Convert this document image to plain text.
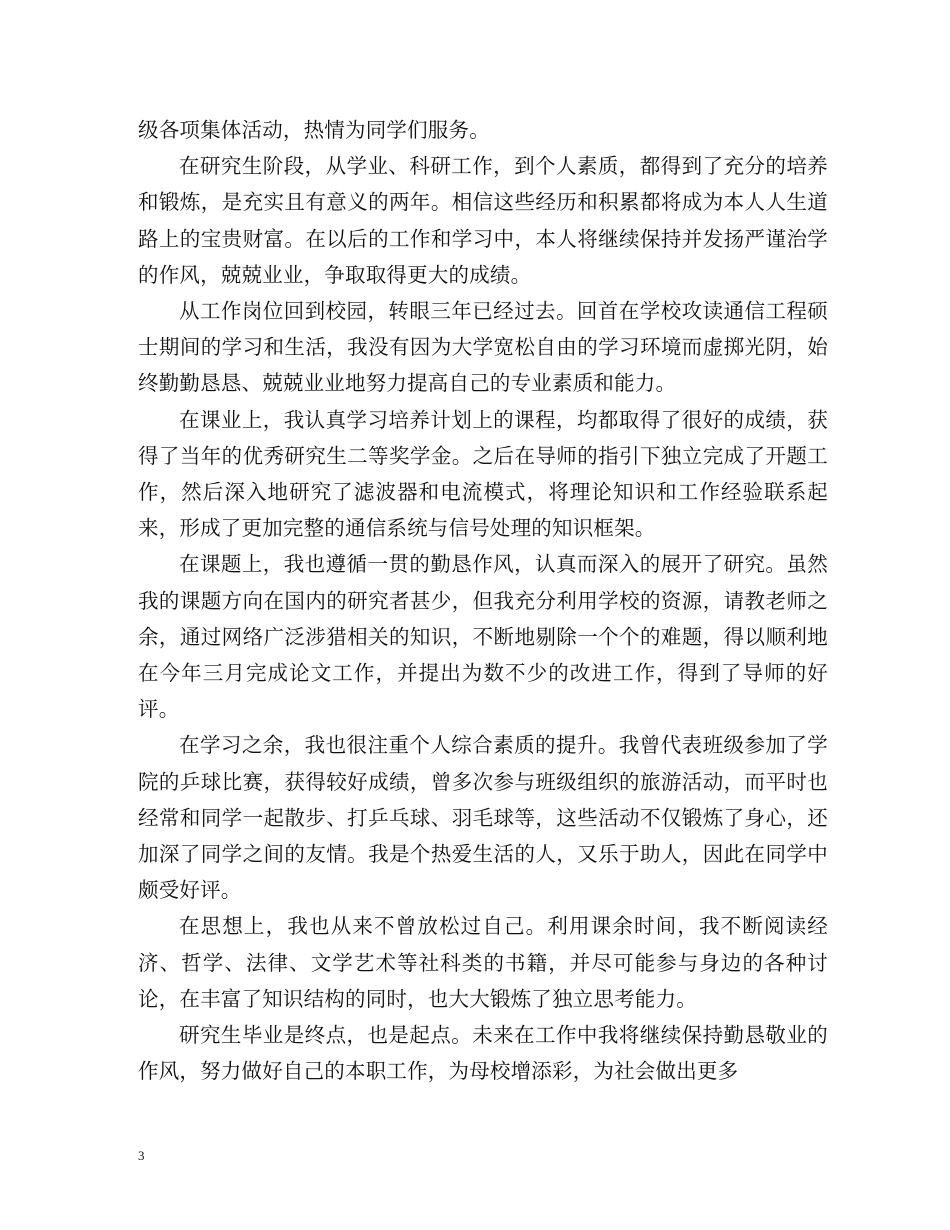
级各项集体活动，热情为同学们服务。

在研究生阶段，从学业、科研工作，到个人素质，都得到了充分的培养和锻炼，是充实且有意义的两年。相信这些经历和积累都将成为本人人生道路上的宝贵财富。在以后的工作和学习中，本人将继续保持并发扬严谨治学的作风，兢兢业业，争取取得更大的成绩。

从工作岗位回到校园，转眼三年已经过去。回首在学校攻读通信工程硕士期间的学习和生活，我没有因为大学宽松自由的学习环境而虚掷光阴，始终勤勤恳恳、兢兢业业地努力提高自己的专业素质和能力。

在课业上，我认真学习培养计划上的课程，均都取得了很好的成绩，获得了当年的优秀研究生二等奖学金。之后在导师的指引下独立完成了开题工作，然后深入地研究了滤波器和电流模式，将理论知识和工作经验联系起来，形成了更加完整的通信系统与信号处理的知识框架。

在课题上，我也遵循一贯的勤恳作风，认真而深入的展开了研究。虽然我的课题方向在国内的研究者甚少，但我充分利用学校的资源，请教老师之余，通过网络广泛涉猎相关的知识，不断地剔除一个个的难题，得以顺利地在今年三月完成论文工作，并提出为数不少的改进工作，得到了导师的好评。

在学习之余，我也很注重个人综合素质的提升。我曾代表班级参加了学院的乒球比赛，获得较好成绩，曾多次参与班级组织的旅游活动，而平时也经常和同学一起散步、打乒乓球、羽毛球等，这些活动不仅锻炼了身心，还加深了同学之间的友情。我是个热爱生活的人，又乐于助人，因此在同学中颇受好评。

在思想上，我也从来不曾放松过自己。利用课余时间，我不断阅读经济、哲学、法律、文学艺术等社科类的书籍，并尽可能参与身边的各种讨论，在丰富了知识结构的同时，也大大锻炼了独立思考能力。

研究生毕业是终点，也是起点。未来在工作中我将继续保持勤恳敬业的作风，努力做好自己的本职工作，为母校增添彩，为社会做出更多

3
